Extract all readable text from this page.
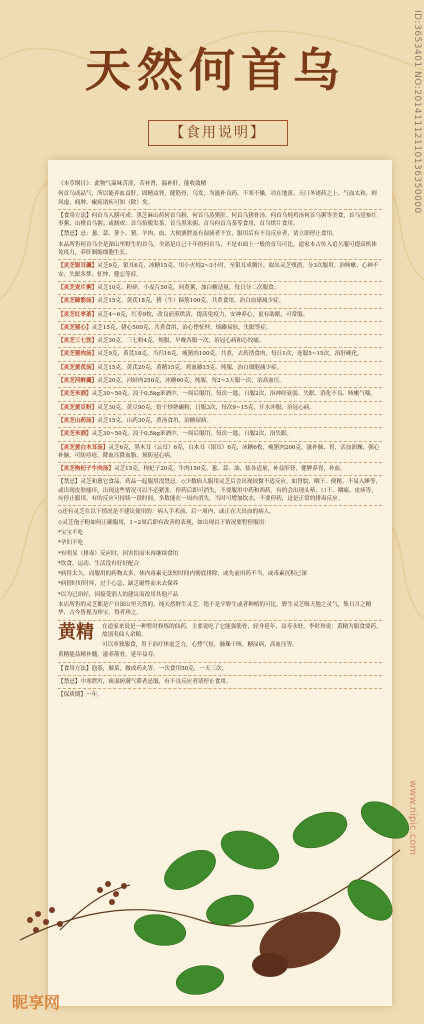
天然何首乌
【食用说明】

《本草纲目》：此物气温味苦涩，苦补肾，温补肝，能收敛精

何首乌成品气，所以能养血益肝，固精益肾，健筋骨，乌发，为滋补良药，不寒不燥，功在地黄、天门冬诸药之上。气血太和，则风虚、痈肿、瘰疬诸疾可知（除）矣。

【食用方法】何首乌入膳可成：黑芝麻山药何首乌粉、何首乌蒸猪肝、何首乌猪骨汤、何首乌炖鸡汤何首乌粥等美食，首乌党参红枣粥、山楂首乌粥；或制成：首乌怡脱发茶、首乌黑米粥、首乌何首乌茶等食用，首乌烘片食用。

【禁忌】忌：葱、蒜、萝卜、猪、羊肉、血、大便溏泄及有湿痰者不宜，服用后有不良反应者，请立即停止食用。

本品所售何首乌全是深山里野生的首乌，全部是自己十年的何首乌，不是市面上一般的首乌可比，道家本古传入追久服可提高机体免疫力，养肝制缩细胞生长。

【灵芝银耳羹】灵芝9克，银耳6克，冰糖15克，用小火炖2~3小时，至银耳成稠汁，取出灵芝残渣，分3次服用。治咳嗽、心神不安、失眠多梦、怔忡、健忘等症。

【灵芝麦片粥】灵芝10克，粉碎，小麦片50克，同煮粥，加白糖适量，每日分二次服食。

【灵芝蹄筋汤】灵芝15克，黄芪18克，猪（牛）蹄筋100克，共煮食用，治白血球减少症。

【灵芝红枣茶】灵芝4~6克，红枣9枚，改良前煎烘清，提高免疫力，安神养心，更有助眠，可常服。

【灵芝猪心】灵芝15克，猪心500克，共煮食用，治心悸怔忡，烦躁易惊，失眠等症。

【灵芝三七饮】灵芝30克，三七粉4克，炖服，早晚各服一次，治冠心病和心绞痛。

【灵芝猪肉汤】灵芝9克，黄芪18克，当归16克，瘦猪肉100克，共煮，去药渣食肉，每日1次，连服5~15次，治肝硬化。

【灵芝黄芪汤】灵芝15克，黄芪20克，黄精15克，鸡血藤15克，炖服，治白细胞减少症。

【灵芝河鲜羹】灵芝20克，河蚌肉250克，冰糖60克，炖服，每2~3天服一次，治高血压。

【灵芝米酒】灵芝30~50克，浸于0.5kg米酒中，一周后服用，每次一匙，日服2次，治神经衰弱、失眠、消化不良、咳嗽气喘。

【灵芝黄豆粉】灵芝30克，黄豆90克，焙干炒熟碾粉，日服3次，每次9~15克，开水冲服，治冠心病。

【灵芝山药汤】灵芝15克，山药30克，煮汤食用，治糖尿病。

【灵芝米酒】灵芝30~50克，浸于0.5kg米酒中，一周后服用，每次一匙，日服2次，治失眠。

【灵芝黄白木耳汤】灵芝6克，黑木耳（云耳）6克，白木耳（银耳）6克，冰糖6枚，瘦猪肉200克，滋补肺、胃，活血润燥，强心补脑，可防痔疮，降血压降血脂，预防冠心病。

【灵芝枸杞子牛肉汤】灵芝15克，枸杞子20克，牛肉150克，葱、蒜、油、盐各适量，补益肝肾，健脾养胃，补血。

【禁忌】灵芝和蒽它食品、药品一起服用没禁忌。◇少数病人服用灵芝后会出现较微不适反应，如胃脘、咽干、便秘、不易入睡等，或出现皮肤瘙痒，出现这些情况可以不必紧张，停药后即可消失，不要服用中药和西药，有的会出现头晕、口干、咽痛、皮疹等，应停止服用，有的反应可持续一段时间，多数能在一周内消失，当时可增加饮水，不要停药，这是正常的排毒反应。

◇还有灵芝在以下情况是不建议使用的：病人手术前、后一周内，或正在大出血的病人。

◇灵芝孢子粉如何正确服用，1~2周后即有改善的表现，如出现以下情况要暂停服用：

*宝宝不吃

*孕妇不吃

*有明显（排毒）反应时，因害怕而未再继续食用

*饮食、运动、生活没有好好配合

*病得太久，而服用的药物太多，体内毒素无法短时间内彻底排除，或先前用药不当，或毒素沉积已深

*病情时好时坏，过于心急，缺乏耐性而未去保养

*以为已治好，因接受别人的建议而改用其他产品

本店所售的灵芝都是产自深山里天然的，纯天然野生灵芝，绝不是平野生或者种植的可比，野生灵芝吸天地之灵气，集日月之精华，古今皆视为珍宝，得者珍之。

黄精	在道家来说是一种暂时修炼的仙药，主要说吃了它能强筋骨，轻身延年，益寿永驻。李时珍说：黄精为服食要药，故别名仙人余粮。

可以单独服食，用于治疗体虚乏力，心悸气短，肺燥干咳，糖尿病，高血压等。

黄精能益精补髓，滋养筋骨，延年益寿。

【食用方法】泡茶，做菜，做成药丸等。一次食用50克，一天三次。

【禁忌】中寒泄泻，痰湿痞满气滞者忌服，有不良反应者请停止食用。

【保质期】一年。

ID:3653401 NO:20141112110136350000
www.nipic.com
昵享网
